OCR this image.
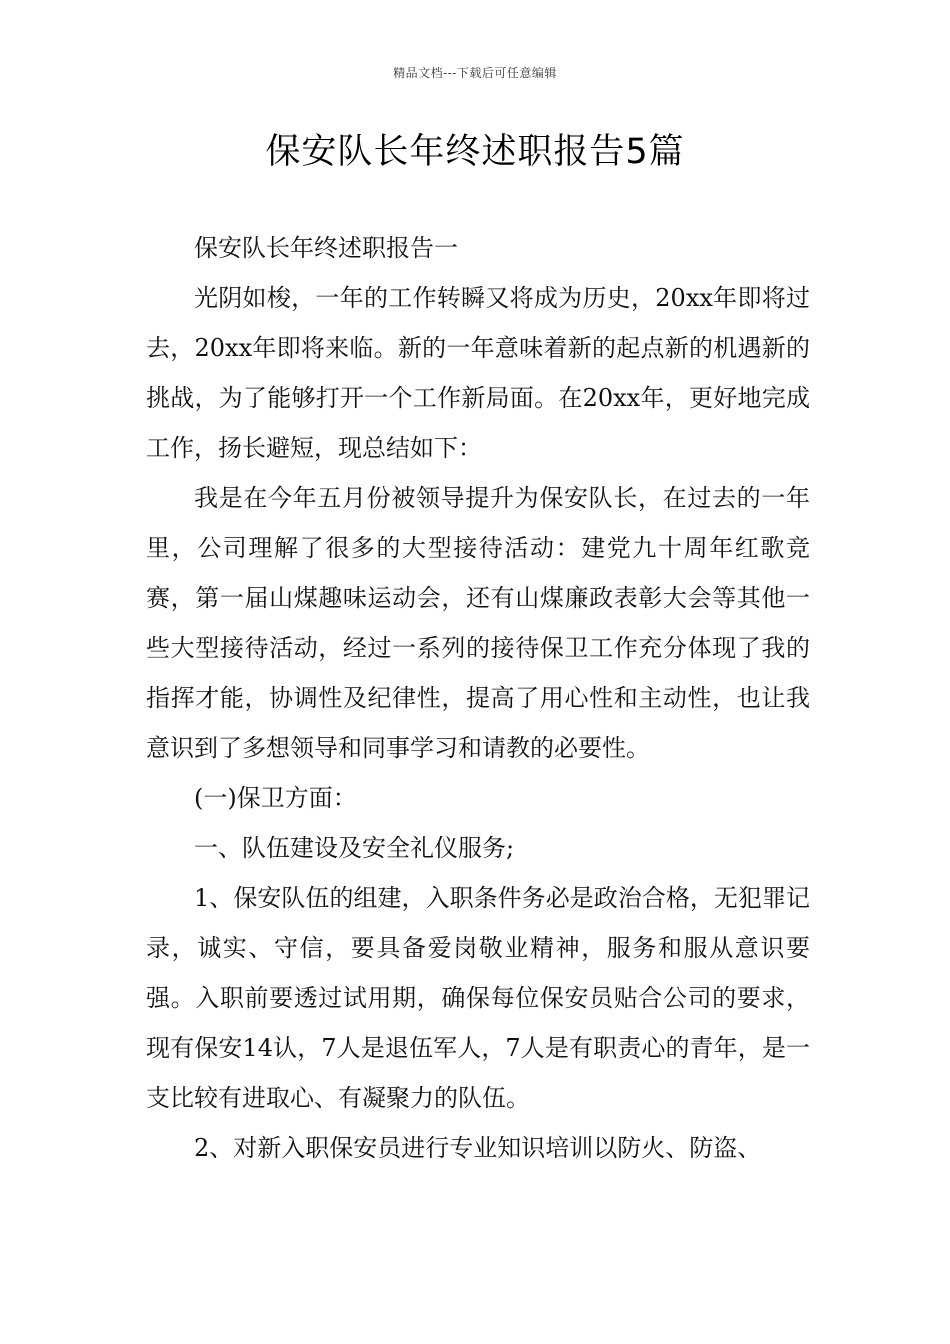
精品文档---下载后可任意编辑
保安队长年终述职报告5篇

保安队长年终述职报告一

光阴如梭，一年的工作转瞬又将成为历史，20xx年即将过去，20xx年即将来临。新的一年意味着新的起点新的机遇新的挑战，为了能够打开一个工作新局面。在20xx年，更好地完成工作，扬长避短，现总结如下：

我是在今年五月份被领导提升为保安队长，在过去的一年里，公司理解了很多的大型接待活动：建党九十周年红歌竞赛，第一届山煤趣味运动会，还有山煤廉政表彰大会等其他一些大型接待活动，经过一系列的接待保卫工作充分体现了我的指挥才能，协调性及纪律性，提高了用心性和主动性，也让我意识到了多想领导和同事学习和请教的必要性。

(一)保卫方面：

一、队伍建设及安全礼仪服务;

1、保安队伍的组建，入职条件务必是政治合格，无犯罪记录，诚实、守信，要具备爱岗敬业精神，服务和服从意识要强。入职前要透过试用期，确保每位保安员贴合公司的要求，现有保安14认，7人是退伍军人，7人是有职责心的青年，是一支比较有进取心、有凝聚力的队伍。

2、对新入职保安员进行专业知识培训以防火、防盗、
